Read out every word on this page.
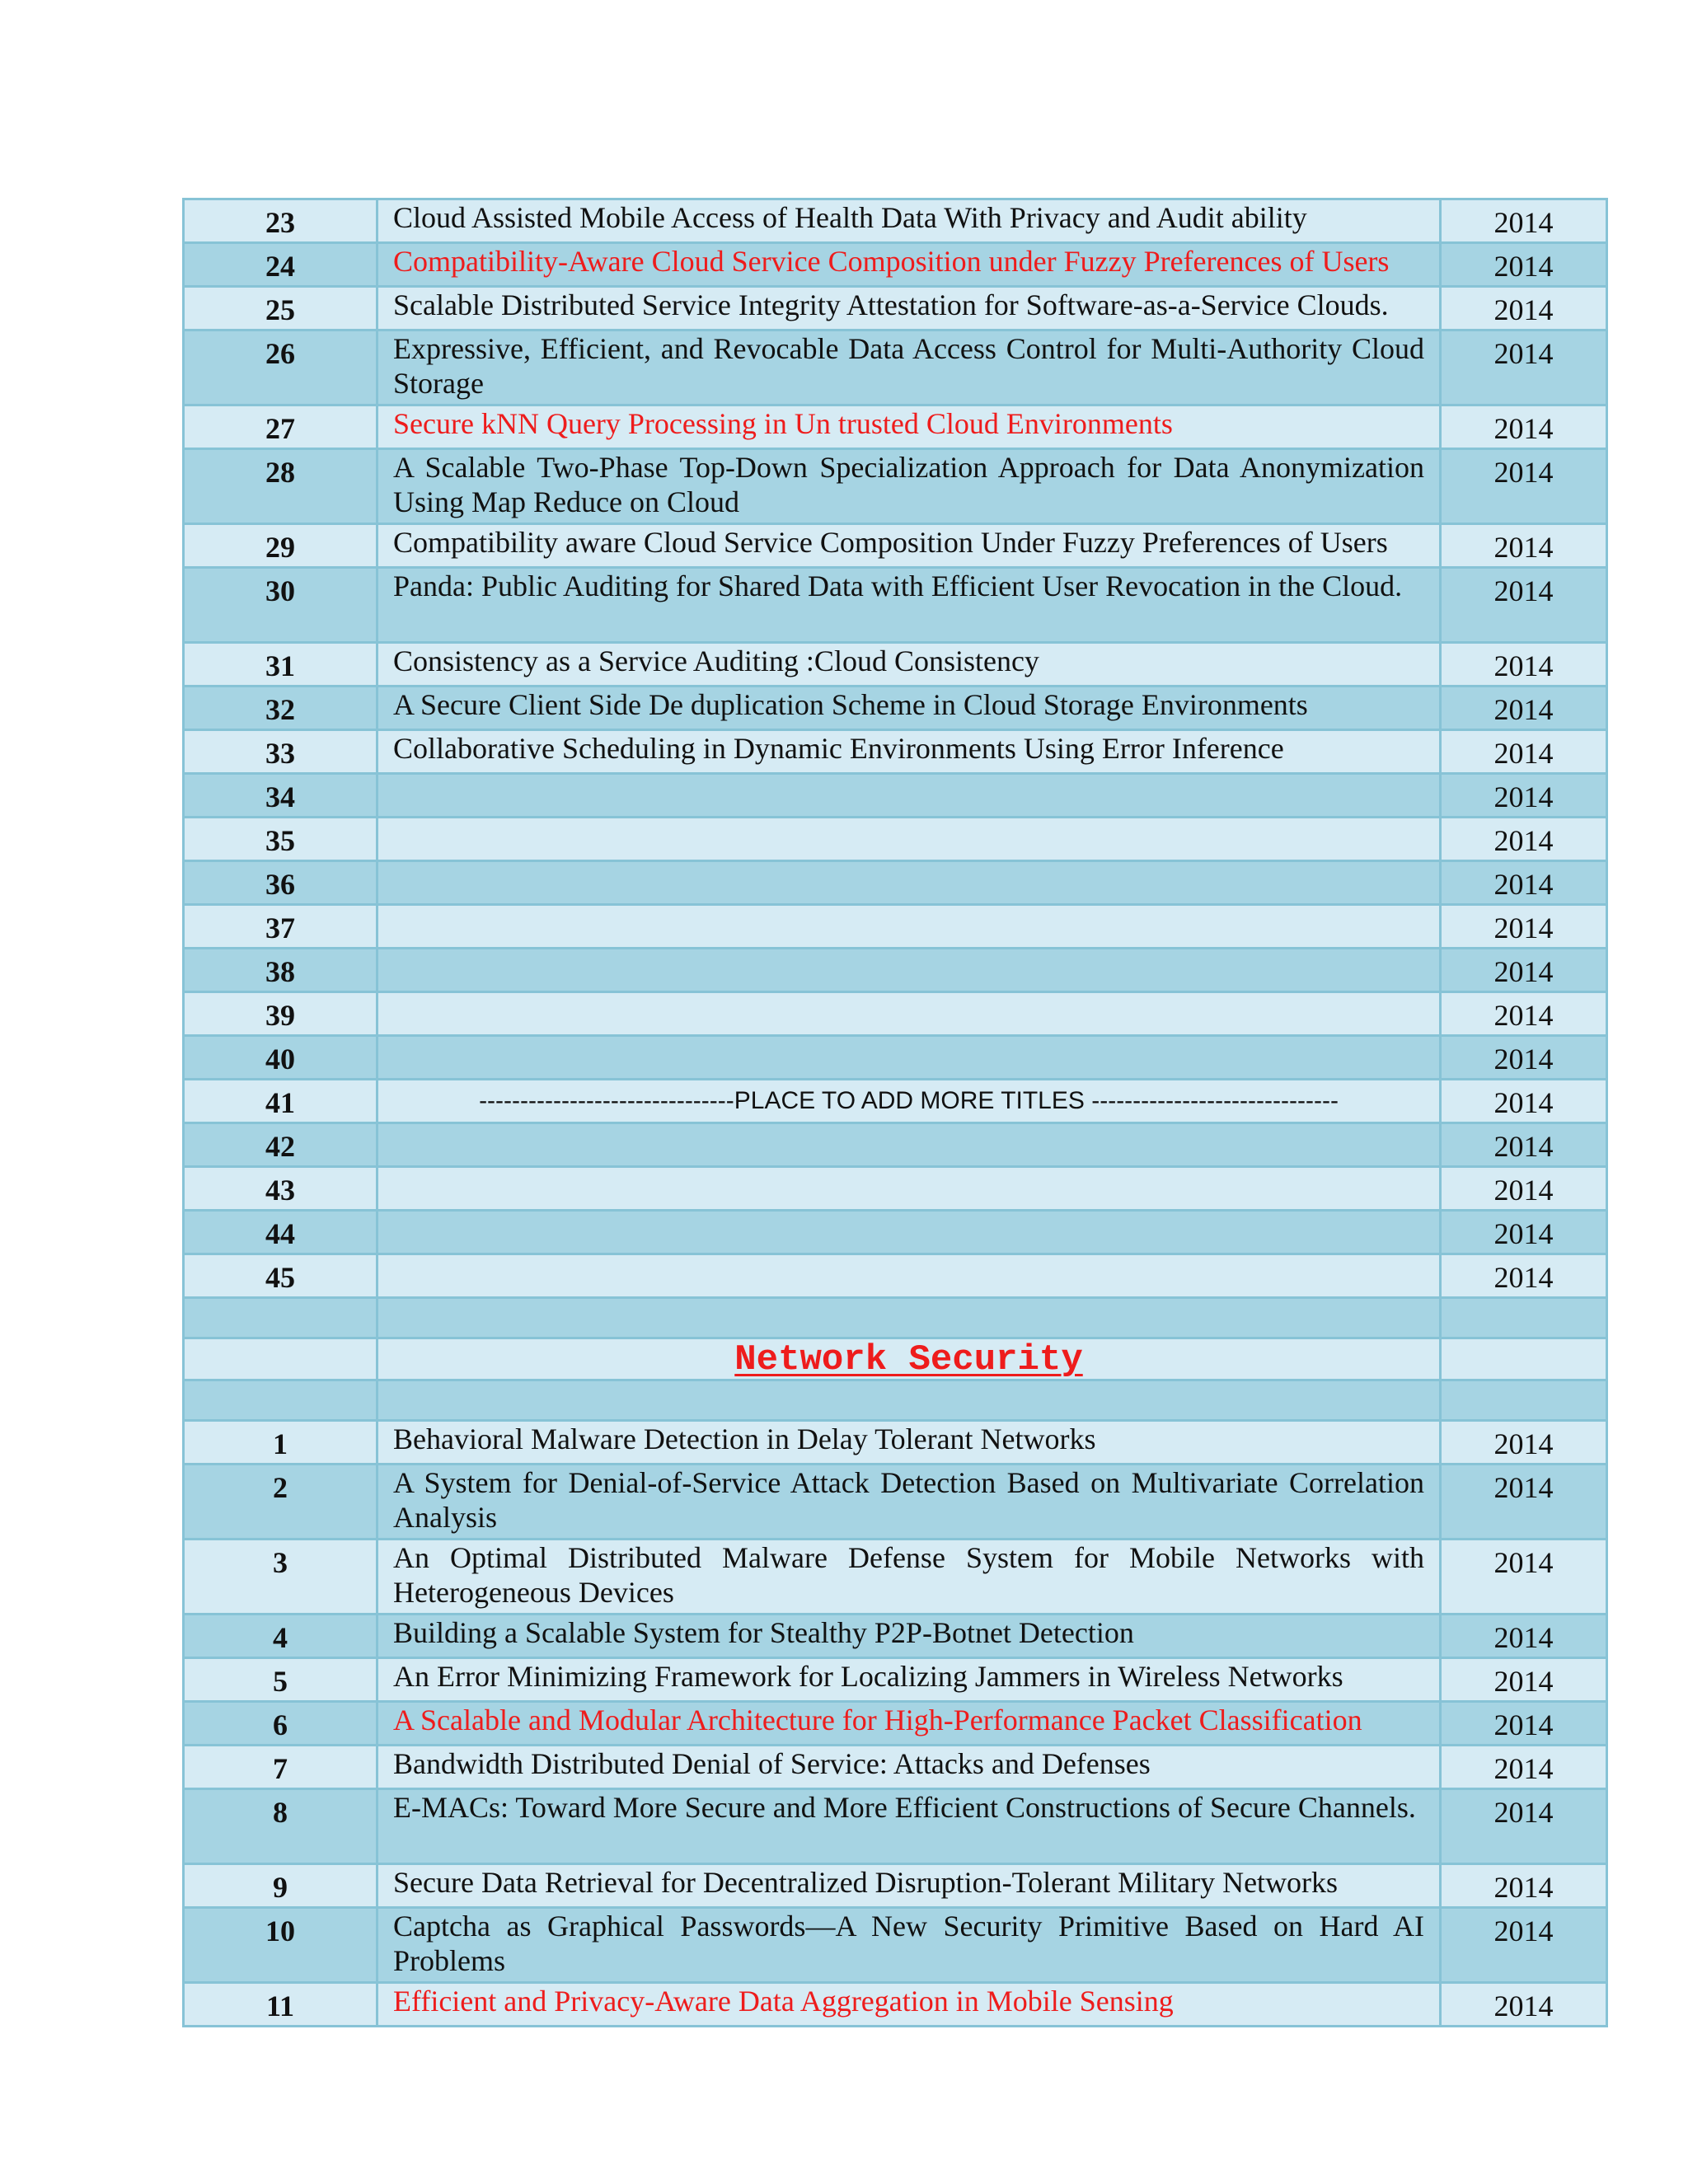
23	Cloud Assisted Mobile Access of Health Data With Privacy and Audit ability	2014
24	Compatibility-Aware Cloud Service Composition under Fuzzy Preferences of Users	2014
25	Scalable Distributed Service Integrity Attestation for Software-as-a-Service Clouds.	2014
26	Expressive, Efficient, and Revocable Data Access Control for Multi-Authority Cloud Storage	2014
27	Secure kNN Query Processing in Un trusted Cloud Environments	2014
28	A Scalable Two-Phase Top-Down Specialization Approach for Data Anonymization Using Map Reduce on Cloud	2014
29	Compatibility aware Cloud Service Composition Under Fuzzy Preferences of Users	2014
30	Panda: Public Auditing for Shared Data with Efficient User Revocation in the Cloud.	2014
31	Consistency as a Service Auditing :Cloud Consistency	2014
32	A Secure Client Side De duplication Scheme in Cloud Storage Environments	2014
33	Collaborative Scheduling in Dynamic Environments Using Error Inference	2014
34		2014
35		2014
36		2014
37		2014
38		2014
39		2014
40		2014
41	-------------------------------PLACE TO ADD MORE TITLES ------------------------------	2014
42		2014
43		2014
44		2014
45		2014

	Network Security	

1	Behavioral Malware Detection in Delay Tolerant Networks	2014
2	A System for Denial-of-Service Attack Detection Based on Multivariate Correlation Analysis	2014
3	An Optimal Distributed Malware Defense System for Mobile Networks with Heterogeneous Devices	2014
4	Building a Scalable System for Stealthy P2P-Botnet Detection	2014
5	An Error Minimizing Framework for Localizing Jammers in Wireless Networks	2014
6	A Scalable and Modular Architecture for High-Performance Packet Classification	2014
7	Bandwidth Distributed Denial of Service: Attacks and Defenses	2014
8	E-MACs: Toward More Secure and More Efficient Constructions of Secure Channels.	2014
9	Secure Data Retrieval for Decentralized Disruption-Tolerant Military Networks	2014
10	Captcha as Graphical Passwords—A New Security Primitive Based on Hard AI Problems	2014
11	Efficient and Privacy-Aware Data Aggregation in Mobile Sensing	2014
